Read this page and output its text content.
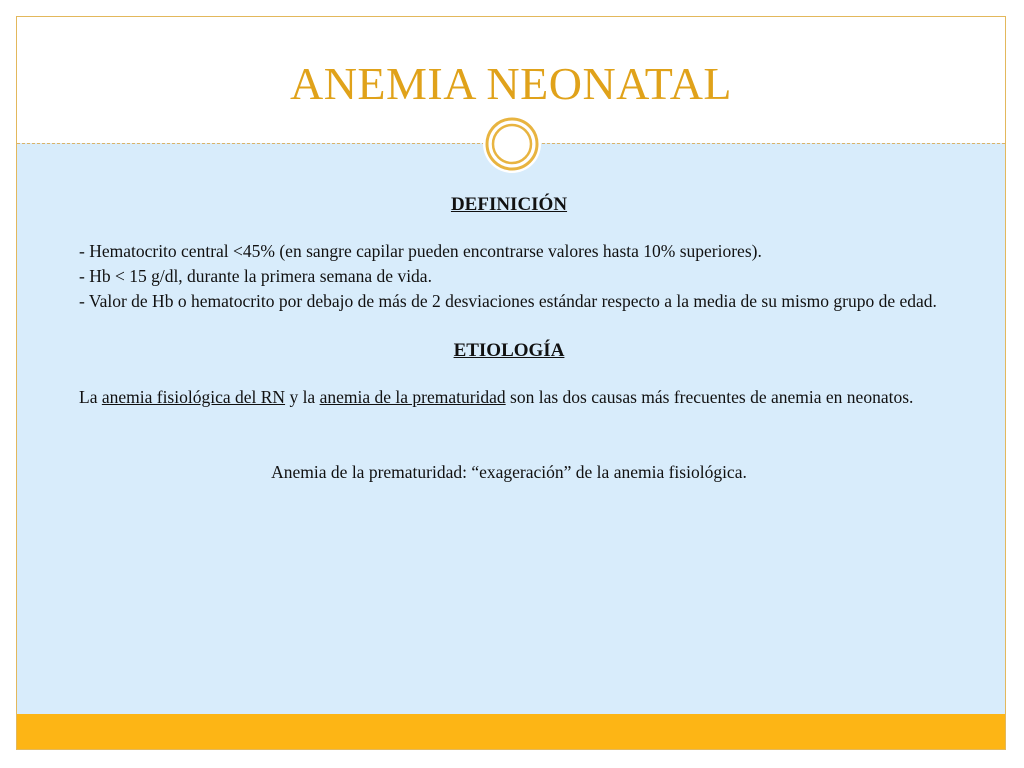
ANEMIA NEONATAL

DEFINICIÓN

- Hematocrito central <45% (en sangre capilar pueden encontrarse valores hasta 10% superiores).

- Hb < 15 g/dl, durante la primera semana de vida.

- Valor de Hb o hematocrito por debajo de más de 2 desviaciones estándar respecto a la media de su mismo grupo de edad.

ETIOLOGÍA

La anemia fisiológica del RN y la anemia de la prematuridad son las dos causas más frecuentes de anemia en neonatos.

Anemia de la prematuridad: “exageración” de la anemia fisiológica.
